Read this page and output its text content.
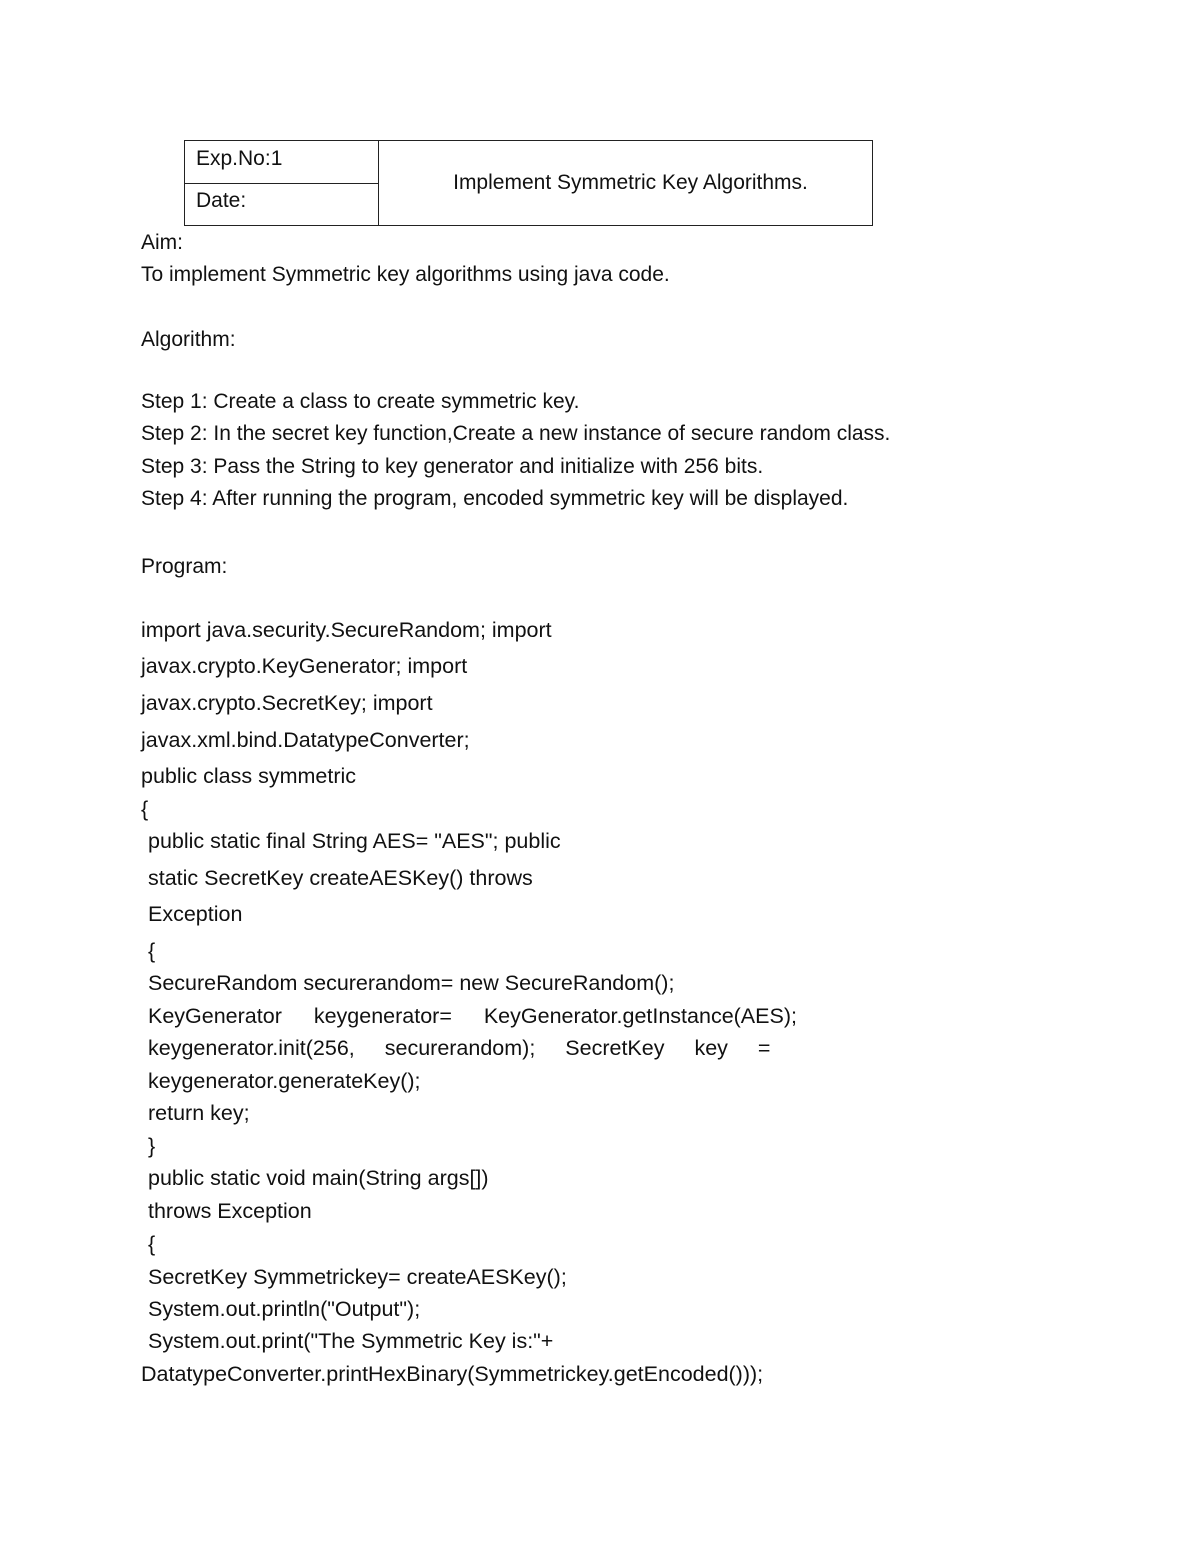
Exp.No:1
Date:
Implement Symmetric Key Algorithms.
Aim:
To implement Symmetric key algorithms using java code.
Algorithm:
Step 1: Create a class to create symmetric key.
Step 2: In the secret key function,Create a new instance of secure random class.
Step 3: Pass the String to key generator and initialize with 256 bits.
Step 4: After running the program, encoded symmetric key will be displayed.
Program:
import java.security.SecureRandom; import
javax.crypto.KeyGenerator; import
javax.crypto.SecretKey; import
javax.xml.bind.DatatypeConverter;
public class symmetric
{
public static final String AES= "AES"; public
static SecretKey createAESKey() throws
Exception
{
SecureRandom securerandom= new SecureRandom();
KeyGenerator keygenerator= KeyGenerator.getInstance(AES);
keygenerator.init(256, securerandom); SecretKey key =
keygenerator.generateKey();
return key;
}
public static void main(String args[])
throws Exception
{
SecretKey Symmetrickey= createAESKey();
System.out.println("Output");
System.out.print("The Symmetric Key is:"+
DatatypeConverter.printHexBinary(Symmetrickey.getEncoded()));
